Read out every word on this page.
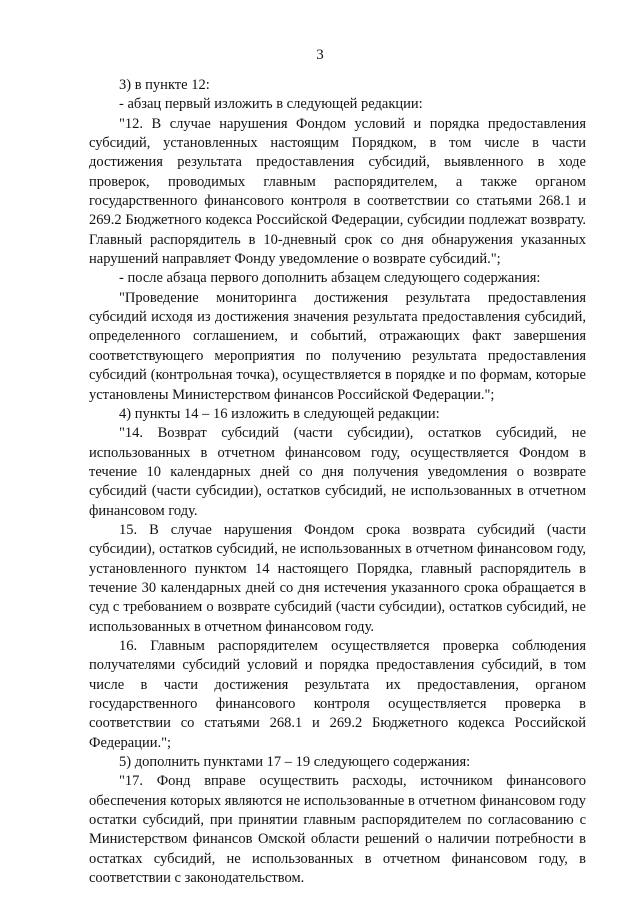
3

3) в пункте 12:

- абзац первый изложить в следующей редакции:

"12. В случае нарушения Фондом условий и порядка предоставления субсидий, установленных настоящим Порядком, в том числе в части достижения результата предоставления субсидий, выявленного в ходе проверок, проводимых главным распорядителем, а также органом государственного финансового контроля в соответствии со статьями 268.1 и 269.2 Бюджетного кодекса Российской Федерации, субсидии подлежат возврату. Главный распорядитель в 10-дневный срок со дня обнаружения указанных нарушений направляет Фонду уведомление о возврате субсидий.";

- после абзаца первого дополнить абзацем следующего содержания:

"Проведение мониторинга достижения результата предоставления субсидий исходя из достижения значения результата предоставления субсидий, определенного соглашением, и событий, отражающих факт завершения соответствующего мероприятия по получению результата предоставления субсидий (контрольная точка), осуществляется в порядке и по формам, которые установлены Министерством финансов Российской Федерации.";

4) пункты 14 – 16 изложить в следующей редакции:

"14. Возврат субсидий (части субсидии), остатков субсидий, не использованных в отчетном финансовом году, осуществляется Фондом в течение 10 календарных дней со дня получения уведомления о возврате субсидий (части субсидии), остатков субсидий, не использованных в отчетном финансовом году.

15. В случае нарушения Фондом срока возврата субсидий (части субсидии), остатков субсидий, не использованных в отчетном финансовом году, установленного пунктом 14 настоящего Порядка, главный распорядитель в течение 30 календарных дней со дня истечения указанного срока обращается в суд с требованием о возврате субсидий (части субсидии), остатков субсидий, не использованных в отчетном финансовом году.

16. Главным распорядителем осуществляется проверка соблюдения получателями субсидий условий и порядка предоставления субсидий, в том числе в части достижения результата их предоставления, органом государственного финансового контроля осуществляется проверка в соответствии со статьями 268.1 и 269.2 Бюджетного кодекса Российской Федерации.";

5) дополнить пунктами 17 – 19 следующего содержания:

"17. Фонд вправе осуществить расходы, источником финансового обеспечения которых являются не использованные в отчетном финансовом году остатки субсидий, при принятии главным распорядителем по согласованию с Министерством финансов Омской области решений о наличии потребности в остатках субсидий, не использованных в отчетном финансовом году, в соответствии с законодательством.
